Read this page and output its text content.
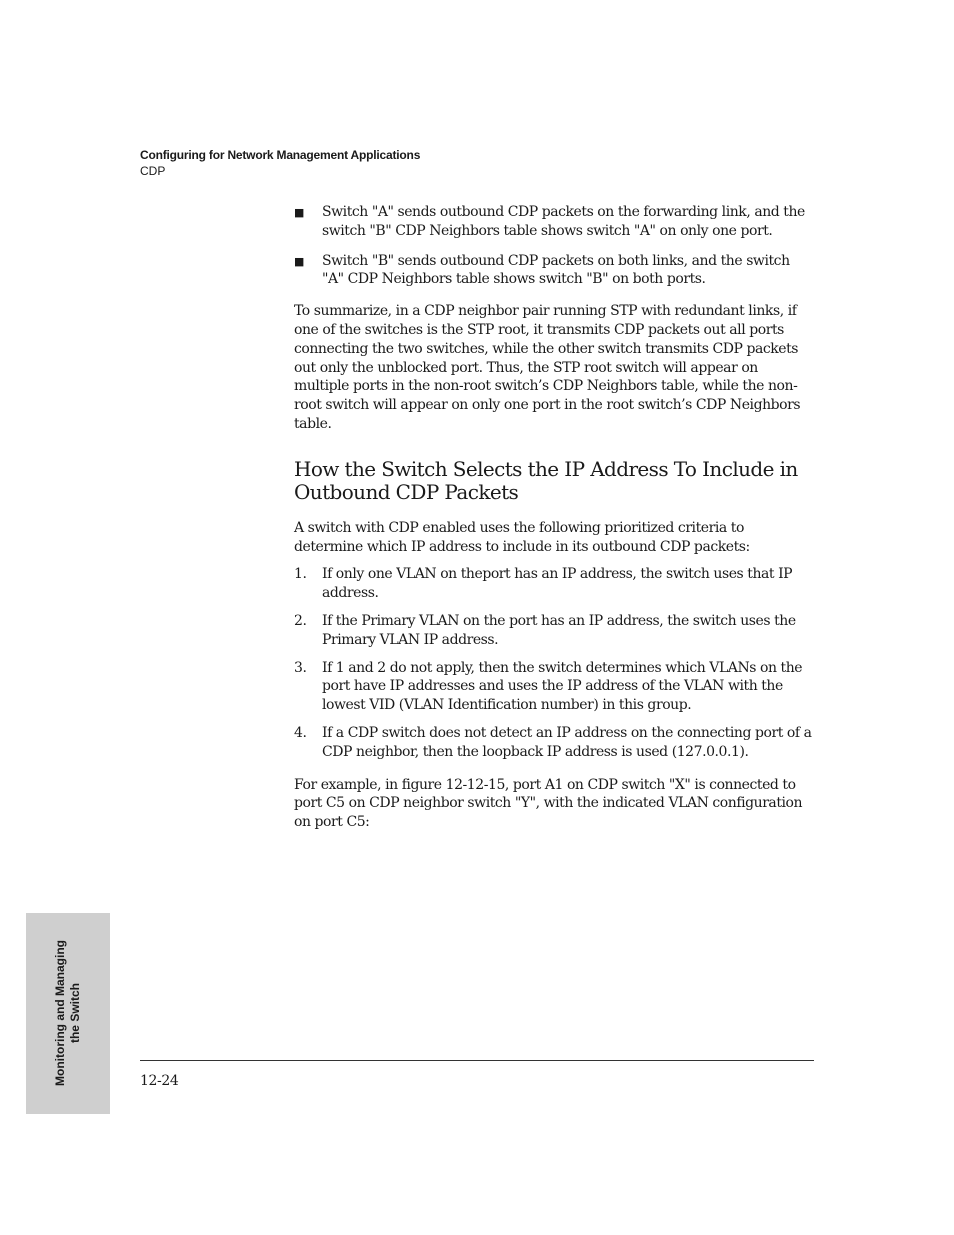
Configuring for Network Management Applications
CDP
■ Switch "A" sends outbound CDP packets on the forwarding link, and the switch "B" CDP Neighbors table shows switch "A" on only one port.
■ Switch "B" sends outbound CDP packets on both links, and the switch "A" CDP Neighbors table shows switch "B" on both ports.

To summarize, in a CDP neighbor pair running STP with redundant links, if one of the switches is the STP root, it transmits CDP packets out all ports connecting the two switches, while the other switch transmits CDP packets out only the unblocked port. Thus, the STP root switch will appear on multiple ports in the non-root switch’s CDP Neighbors table, while the non-root switch will appear on only one port in the root switch’s CDP Neighbors table.

How the Switch Selects the IP Address To Include in Outbound CDP Packets

A switch with CDP enabled uses the following prioritized criteria to determine which IP address to include in its outbound CDP packets:

1. If only one VLAN on theport has an IP address, the switch uses that IP address.
2. If the Primary VLAN on the port has an IP address, the switch uses the Primary VLAN IP address.
3. If 1 and 2 do not apply, then the switch determines which VLANs on the port have IP addresses and uses the IP address of the VLAN with the lowest VID (VLAN Identification number) in this group.
4. If a CDP switch does not detect an IP address on the connecting port of a CDP neighbor, then the loopback IP address is used (127.0.0.1).

For example, in figure 12-12-15, port A1 on CDP switch "X" is connected to port C5 on CDP neighbor switch "Y", with the indicated VLAN configuration on port C5:

Monitoring and Managing
the Switch
12-24
